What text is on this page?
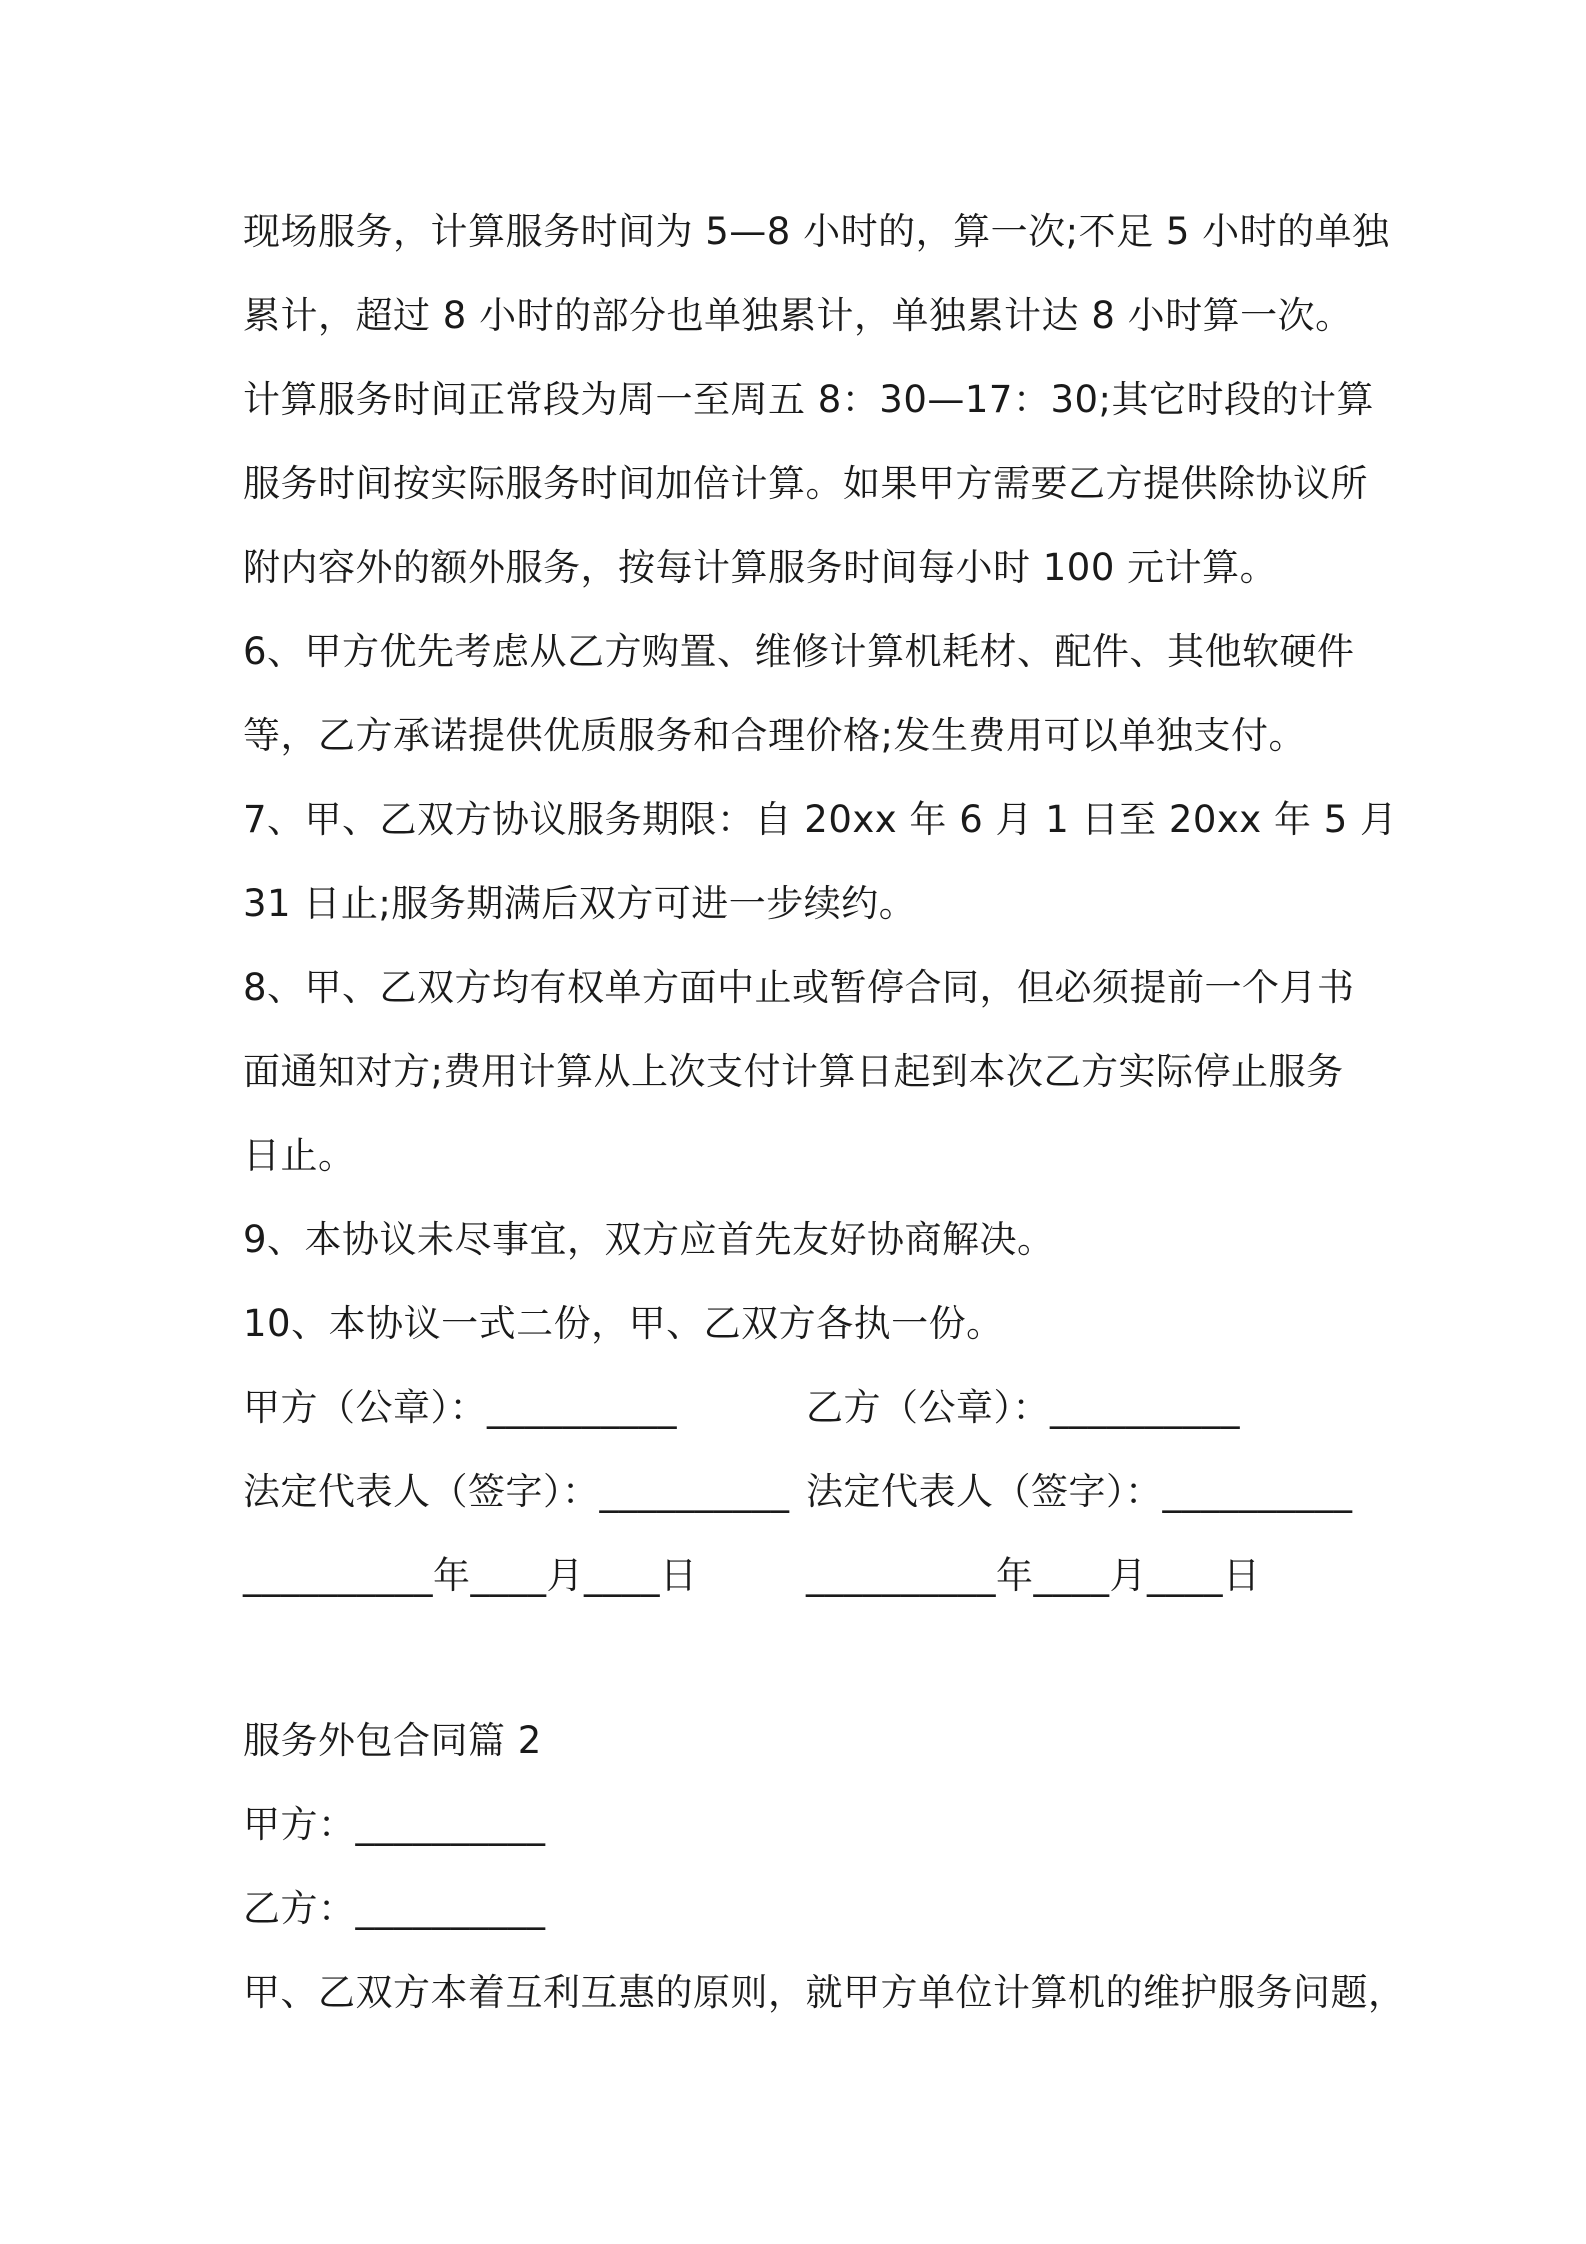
现场服务，计算服务时间为 5—8 小时的，算一次;不足 5 小时的单独
累计，超过 8 小时的部分也单独累计，单独累计达 8 小时算一次。
计算服务时间正常段为周一至周五 8：30—17：30;其它时段的计算
服务时间按实际服务时间加倍计算。如果甲方需要乙方提供除协议所
附内容外的额外服务，按每计算服务时间每小时 100 元计算。
6、甲方优先考虑从乙方购置、维修计算机耗材、配件、其他软硬件
等，乙方承诺提供优质服务和合理价格;发生费用可以单独支付。
7、甲、乙双方协议服务期限：自 20xx 年 6 月 1 日至 20xx 年 5 月
31 日止;服务期满后双方可进一步续约。
8、甲、乙双方均有权单方面中止或暂停合同，但必须提前一个月书
面通知对方;费用计算从上次支付计算日起到本次乙方实际停止服务
日止。
9、本协议未尽事宜，双方应首先友好协商解决。
10、本协议一式二份，甲、乙双方各执一份。
甲方（公章）：__________	乙方（公章）：__________
法定代表人（签字）：__________ 法定代表人（签字）：__________
__________年____月____日	__________年____月____日
服务外包合同篇 2
甲方：__________
乙方：__________
甲、乙双方本着互利互惠的原则，就甲方单位计算机的维护服务问题，
